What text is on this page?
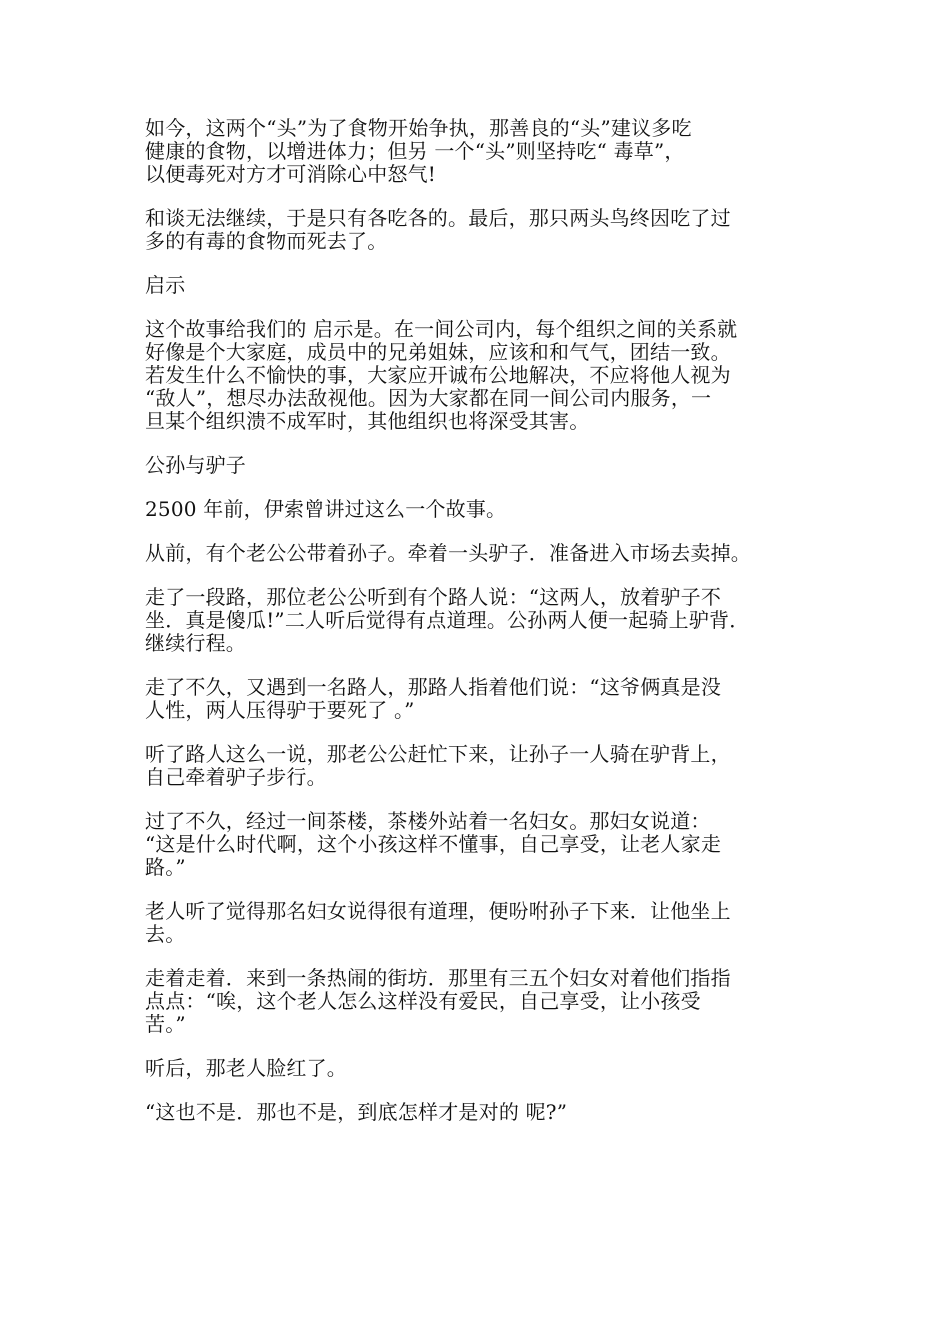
如今，这两个“头”为了食物开始争执，那善良的“头”建议多吃
健康的食物，以增进体力；但另 一个“头”则坚持吃“ 毒草”，
以便毒死对方才可消除心中怒气!

和谈无法继续，于是只有各吃各的。最后，那只两头鸟终因吃了过
多的有毒的食物而死去了。

启示

这个故事给我们的 启示是。在一间公司内，每个组织之间的关系就
好像是个大家庭，成员中的兄弟姐妹，应该和和气气，团结一致。
若发生什么不愉快的事，大家应开诚布公地解决，不应将他人视为
“敌人”，想尽办法敌视他。因为大家都在同一间公司内服务，一
旦某个组织溃不成军时，其他组织也将深受其害。

公孙与驴子

2500 年前，伊索曾讲过这么一个故事。

从前，有个老公公带着孙子。牵着一头驴子．准备进入市场去卖掉。

走了一段路，那位老公公听到有个路人说：“这两人，放着驴子不
坐．真是傻瓜!”二人听后觉得有点道理。公孙两人便一起骑上驴背．
继续行程。

走了不久，又遇到一名路人，那路人指着他们说：“这爷俩真是没
人性，两人压得驴于要死了 。”

听了路人这么一说，那老公公赶忙下来，让孙子一人骑在驴背上，
自己牵着驴子步行。

过了不久，经过一间茶楼，茶楼外站着一名妇女。那妇女说道：
“这是什么时代啊，这个小孩这样不懂事，自己享受，让老人家走
路。”

老人听了觉得那名妇女说得很有道理，便吩咐孙子下来．让他坐上
去。

走着走着．来到一条热闹的街坊．那里有三五个妇女对着他们指指
点点：“唉，这个老人怎么这样没有爱民，自己享受，让小孩受
苦。”

听后，那老人脸红了。

“这也不是．那也不是，到底怎样才是对的 呢?”
